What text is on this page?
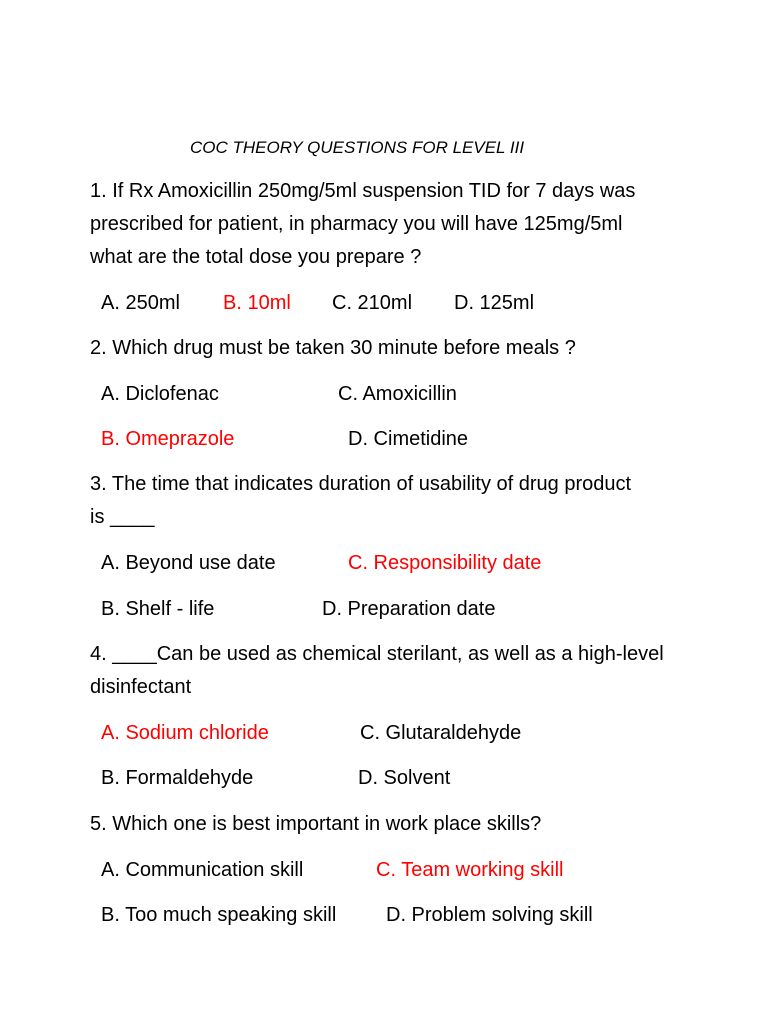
COC THEORY QUESTIONS FOR LEVEL III
1. If Rx Amoxicillin 250mg/5ml suspension TID for 7 days was
prescribed for patient, in pharmacy you will have 125mg/5ml
what are the total dose you prepare ?
A. 250ml B. 10ml C. 210ml D. 125ml
2. Which drug must be taken 30 minute before meals ?
A. Diclofenac	C. Amoxicillin
B. Omeprazole	D. Cimetidine
3. The time that indicates duration of usability of drug product
is ____
A. Beyond use date	C. Responsibility date
B. Shelf - life	D. Preparation date
4. ____Can be used as chemical sterilant, as well as a high-level
disinfectant
A. Sodium chloride	C. Glutaraldehyde
B. Formaldehyde	D. Solvent
5. Which one is best important in work place skills?
A. Communication skill	C. Team working skill
B. Too much speaking skill D. Problem solving skill
